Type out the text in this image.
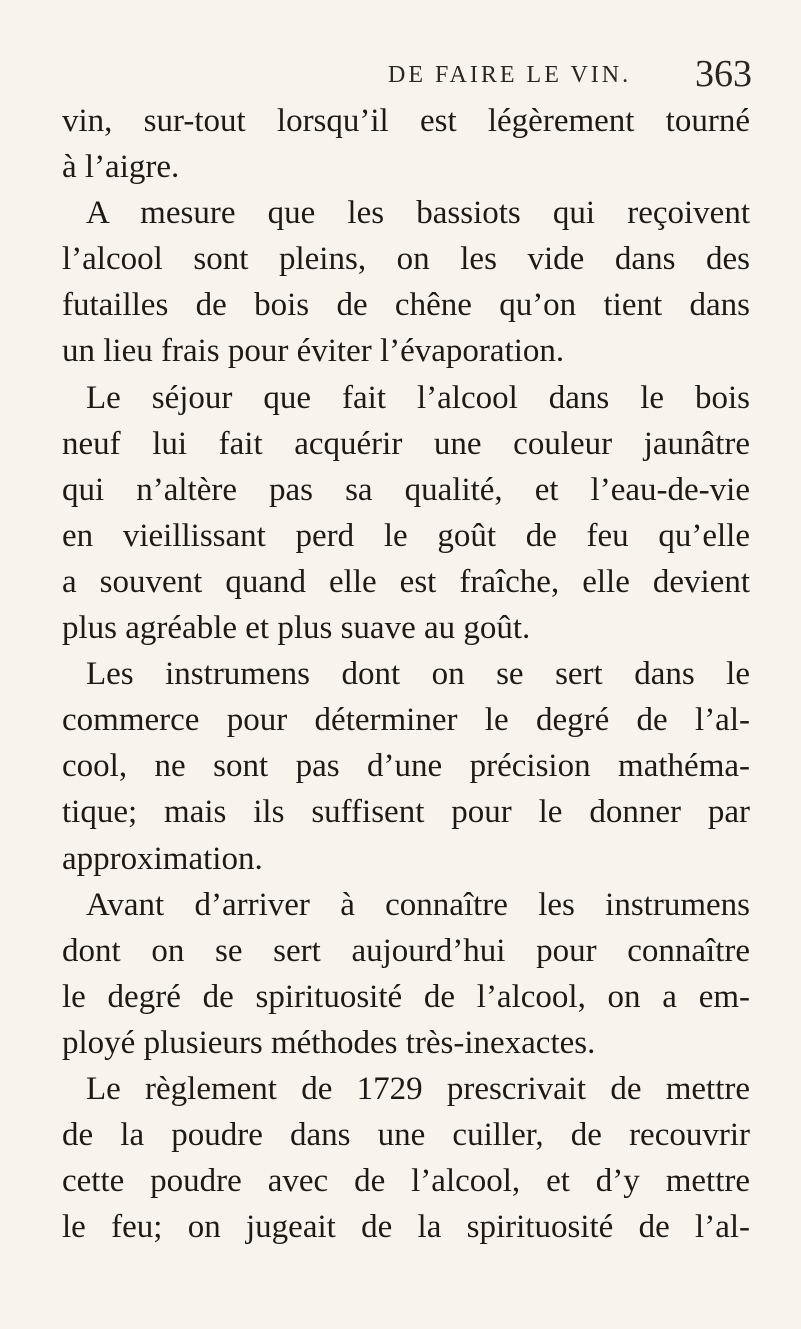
DE FAIRE LE VIN. 363
vin, sur-tout lorsqu’il est légèrement tourné
à l’aigre.
A mesure que les bassiots qui reçoivent
l’alcool sont pleins, on les vide dans des
futailles de bois de chêne qu’on tient dans
un lieu frais pour éviter l’évaporation.
Le séjour que fait l’alcool dans le bois
neuf lui fait acquérir une couleur jaunâtre
qui n’altère pas sa qualité, et l’eau-de-vie
en vieillissant perd le goût de feu qu’elle
a souvent quand elle est fraîche, elle devient
plus agréable et plus suave au goût.
Les instrumens dont on se sert dans le
commerce pour déterminer le degré de l’al-
cool, ne sont pas d’une précision mathéma-
tique; mais ils suffisent pour le donner par
approximation.
Avant d’arriver à connaître les instrumens
dont on se sert aujourd’hui pour connaître
le degré de spirituosité de l’alcool, on a em-
ployé plusieurs méthodes très-inexactes.
Le règlement de 1729 prescrivait de mettre
de la poudre dans une cuiller, de recouvrir
cette poudre avec de l’alcool, et d’y mettre
le feu; on jugeait de la spirituosité de l’al-
